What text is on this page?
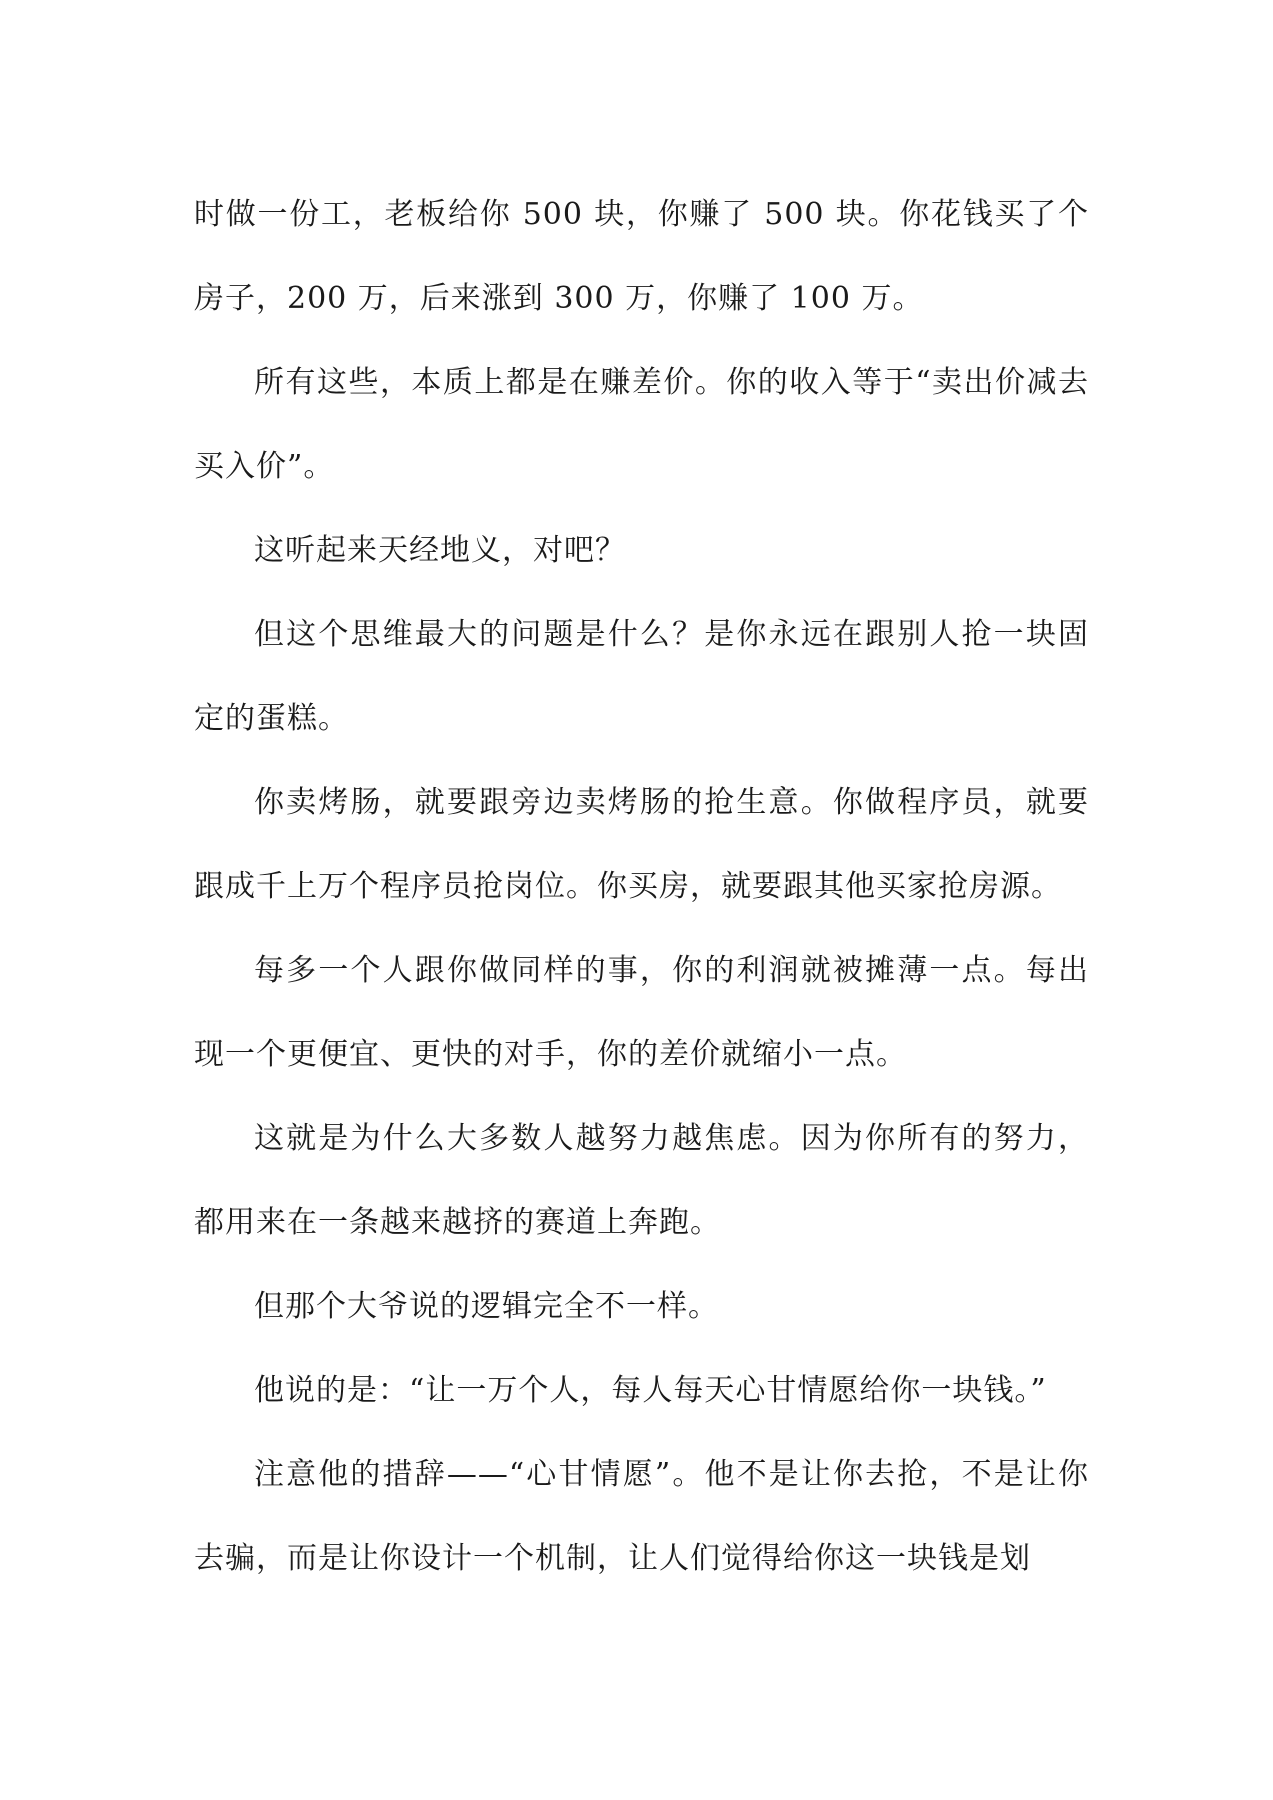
时做一份工，老板给你 500 块，你赚了 500 块。你花钱买了个房子，200 万，后来涨到 300 万，你赚了 100 万。

所有这些，本质上都是在赚差价。你的收入等于“卖出价减去买入价”。

这听起来天经地义，对吧？

但这个思维最大的问题是什么？是你永远在跟别人抢一块固定的蛋糕。

你卖烤肠，就要跟旁边卖烤肠的抢生意。你做程序员，就要跟成千上万个程序员抢岗位。你买房，就要跟其他买家抢房源。

每多一个人跟你做同样的事，你的利润就被摊薄一点。每出现一个更便宜、更快的对手，你的差价就缩小一点。

这就是为什么大多数人越努力越焦虑。因为你所有的努力，都用来在一条越来越挤的赛道上奔跑。

但那个大爷说的逻辑完全不一样。

他说的是：“让一万个人，每人每天心甘情愿给你一块钱。”

注意他的措辞——“心甘情愿”。他不是让你去抢，不是让你去骗，而是让你设计一个机制，让人们觉得给你这一块钱是划
